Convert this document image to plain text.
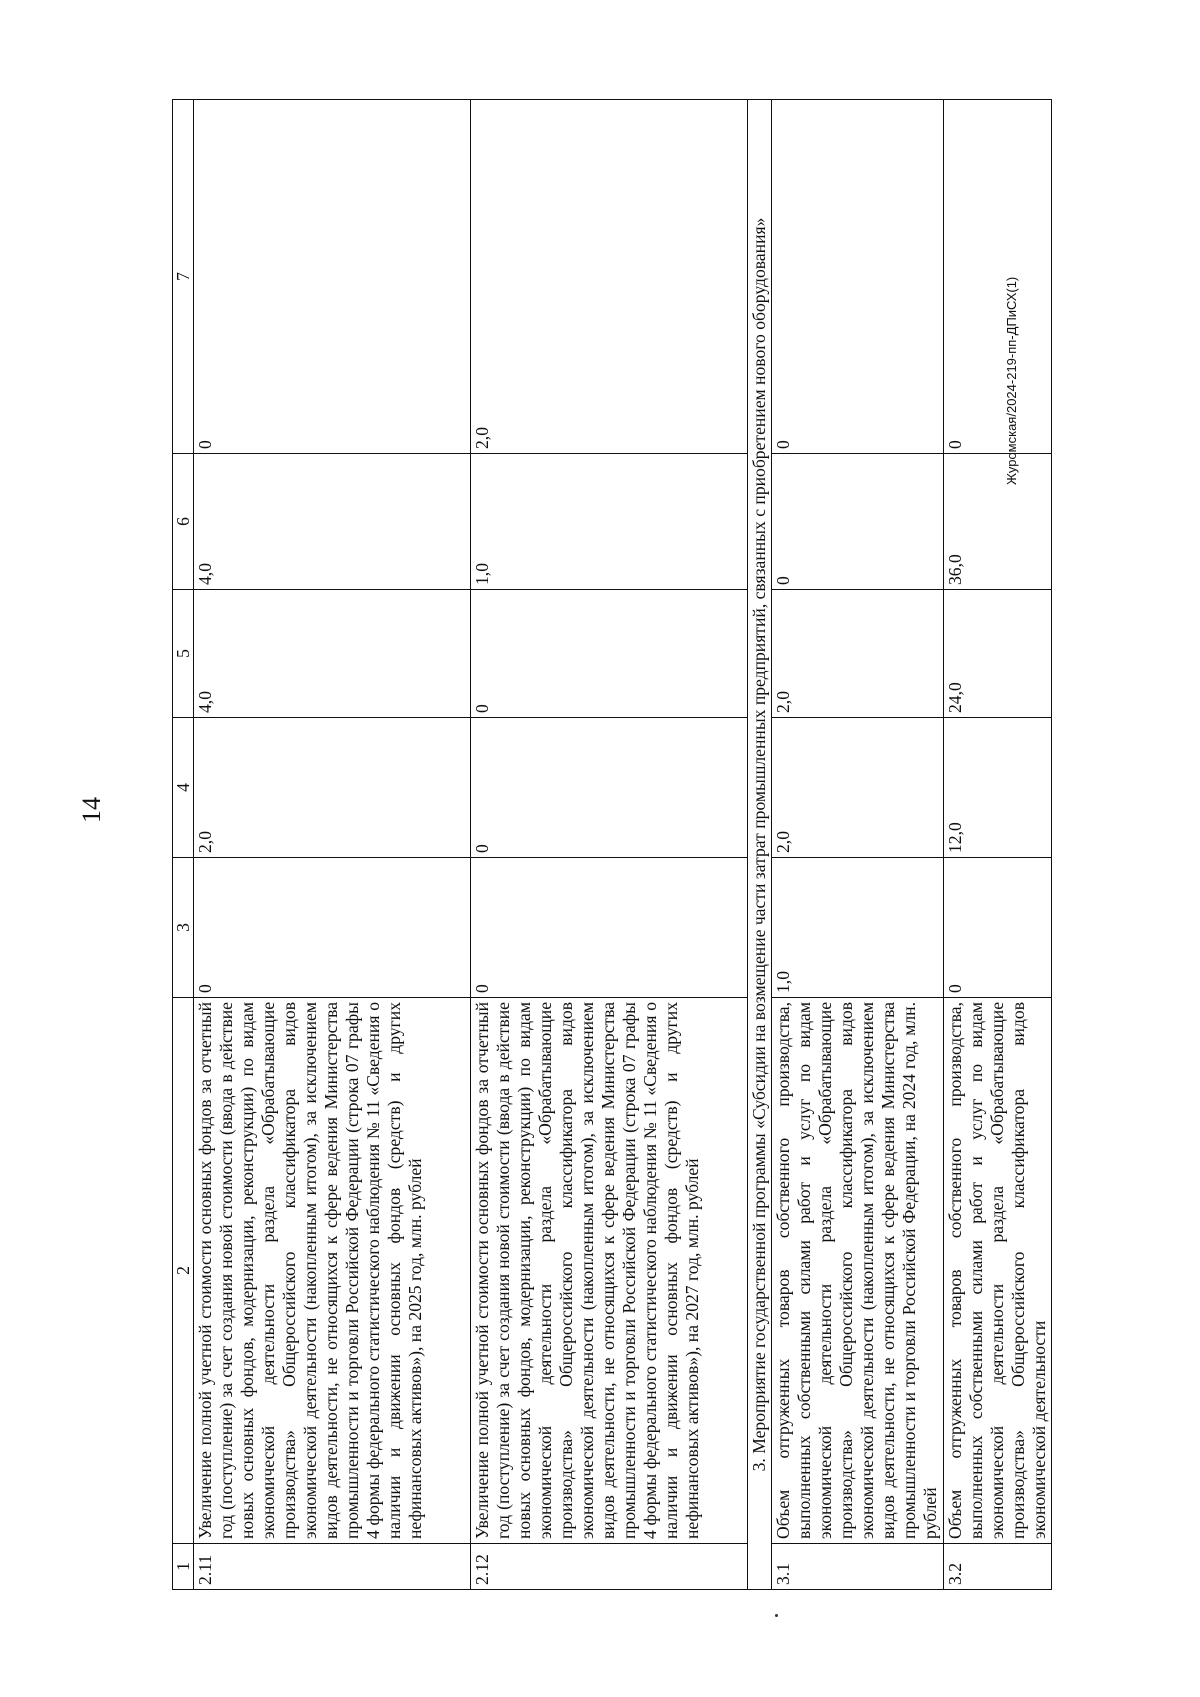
14
Журомская/2024-219-пп-ДПиСХ(1)
1	2	3	4	5	6	7
2.11	Увеличение полной учетной стоимости основных фондов за отчетный год (поступление) за счет создания новой стоимости (ввода в действие новых основных фондов, модернизации, реконструкции) по видам экономической деятельности раздела «Обрабатывающие производства» Общероссийского классификатора видов экономической деятельности (накопленным итогом), за исключением видов деятельности, не относящихся к сфере ведения Министерства промышленности и торговли Российской Федерации (строка 07 графы 4 формы федерального статистического наблюдения № 11 «Сведения о наличии и движении основных фондов (средств) и других нефинансовых активов»), на 2025 год, млн. рублей	0	2,0	4,0	4,0	0
2.12	Увеличение полной учетной стоимости основных фондов за отчетный год (поступление) за счет создания новой стоимости (ввода в действие новых основных фондов, модернизации, реконструкции) по видам экономической деятельности раздела «Обрабатывающие производства» Общероссийского классификатора видов экономической деятельности (накопленным итогом), за исключением видов деятельности, не относящихся к сфере ведения Министерства промышленности и торговли Российской Федерации (строка 07 графы 4 формы федерального статистического наблюдения № 11 «Сведения о наличии и движении основных фондов (средств) и других нефинансовых активов»), на 2027 год, млн. рублей	0	0	0	1,0	2,0
3. Мероприятие государственной программы «Субсидии на возмещение части затрат промышленных предприятий, связанных с приобретением нового оборудования»						
3.1	Объем отгруженных товаров собственного производства, выполненных собственными силами работ и услуг по видам экономической деятельности раздела «Обрабатывающие производства» Общероссийского классификатора видов экономической деятельности (накопленным итогом), за исключением видов деятельности, не относящихся к сфере ведения Министерства промышленности и торговли Российской Федерации, на 2024 год, млн. рублей	1,0	2,0	2,0	0	0
3.2	Объем отгруженных товаров собственного производства, выполненных собственными силами работ и услуг по видам экономической деятельности раздела «Обрабатывающие производства» Общероссийского классификатора видов экономической деятельности	0	12,0	24,0	36,0	0
